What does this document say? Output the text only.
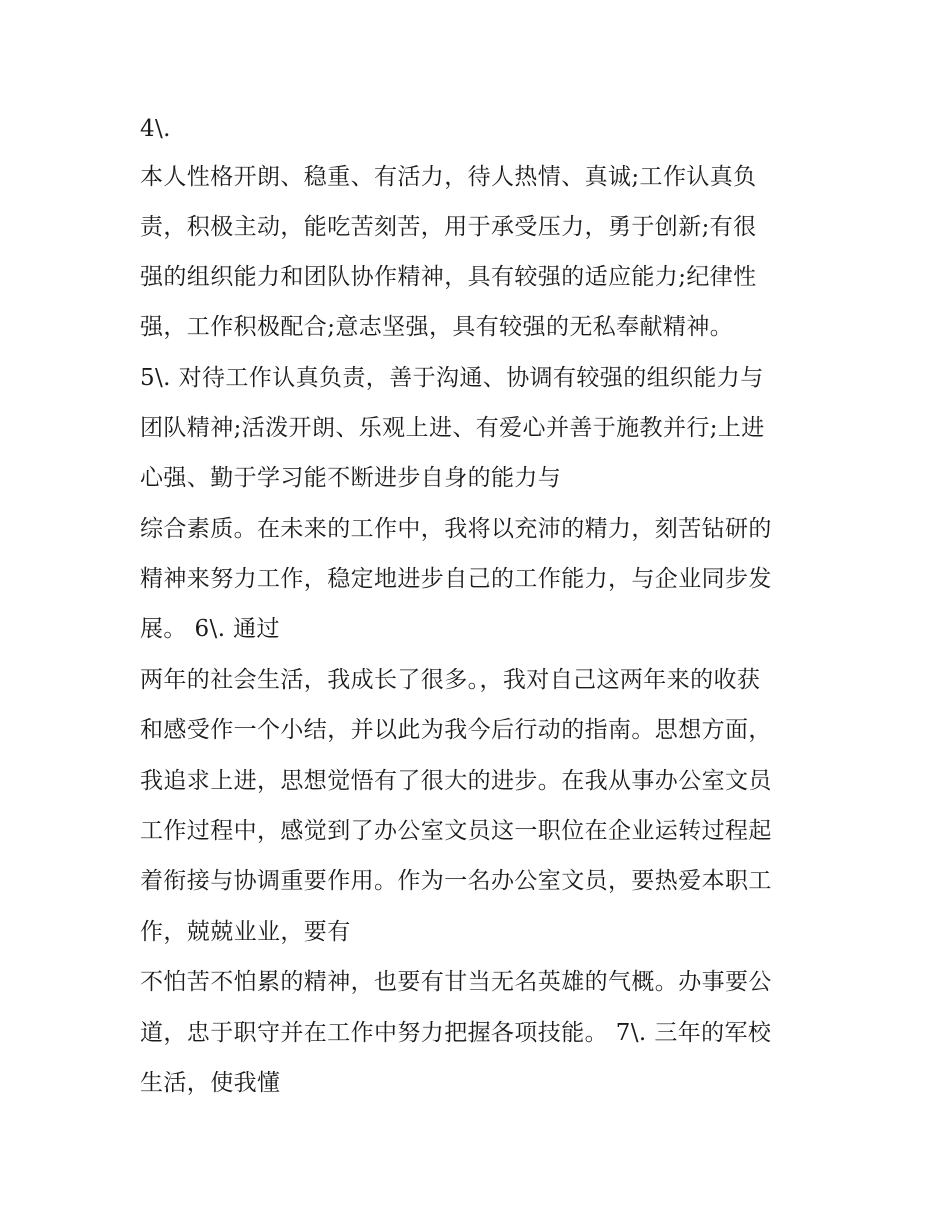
4\.

本人性格开朗、稳重、有活力，待人热情、真诚;工作认真负

责，积极主动，能吃苦刻苦，用于承受压力，勇于创新;有很

强的组织能力和团队协作精神，具有较强的适应能力;纪律性

强，工作积极配合;意志坚强，具有较强的无私奉献精神。

5\. 对待工作认真负责，善于沟通、协调有较强的组织能力与

团队精神;活泼开朗、乐观上进、有爱心并善于施教并行;上进

心强、勤于学习能不断进步自身的能力与

综合素质。在未来的工作中，我将以充沛的精力，刻苦钻研的

精神来努力工作，稳定地进步自己的工作能力，与企业同步发

展。 6\. 通过

两年的社会生活，我成长了很多。，我对自己这两年来的收获

和感受作一个小结，并以此为我今后行动的指南。思想方面，

我追求上进，思想觉悟有了很大的进步。在我从事办公室文员

工作过程中，感觉到了办公室文员这一职位在企业运转过程起

着衔接与协调重要作用。作为一名办公室文员，要热爱本职工

作，兢兢业业，要有

不怕苦不怕累的精神，也要有甘当无名英雄的气概。办事要公

道，忠于职守并在工作中努力把握各项技能。 7\. 三年的军校

生活，使我懂
